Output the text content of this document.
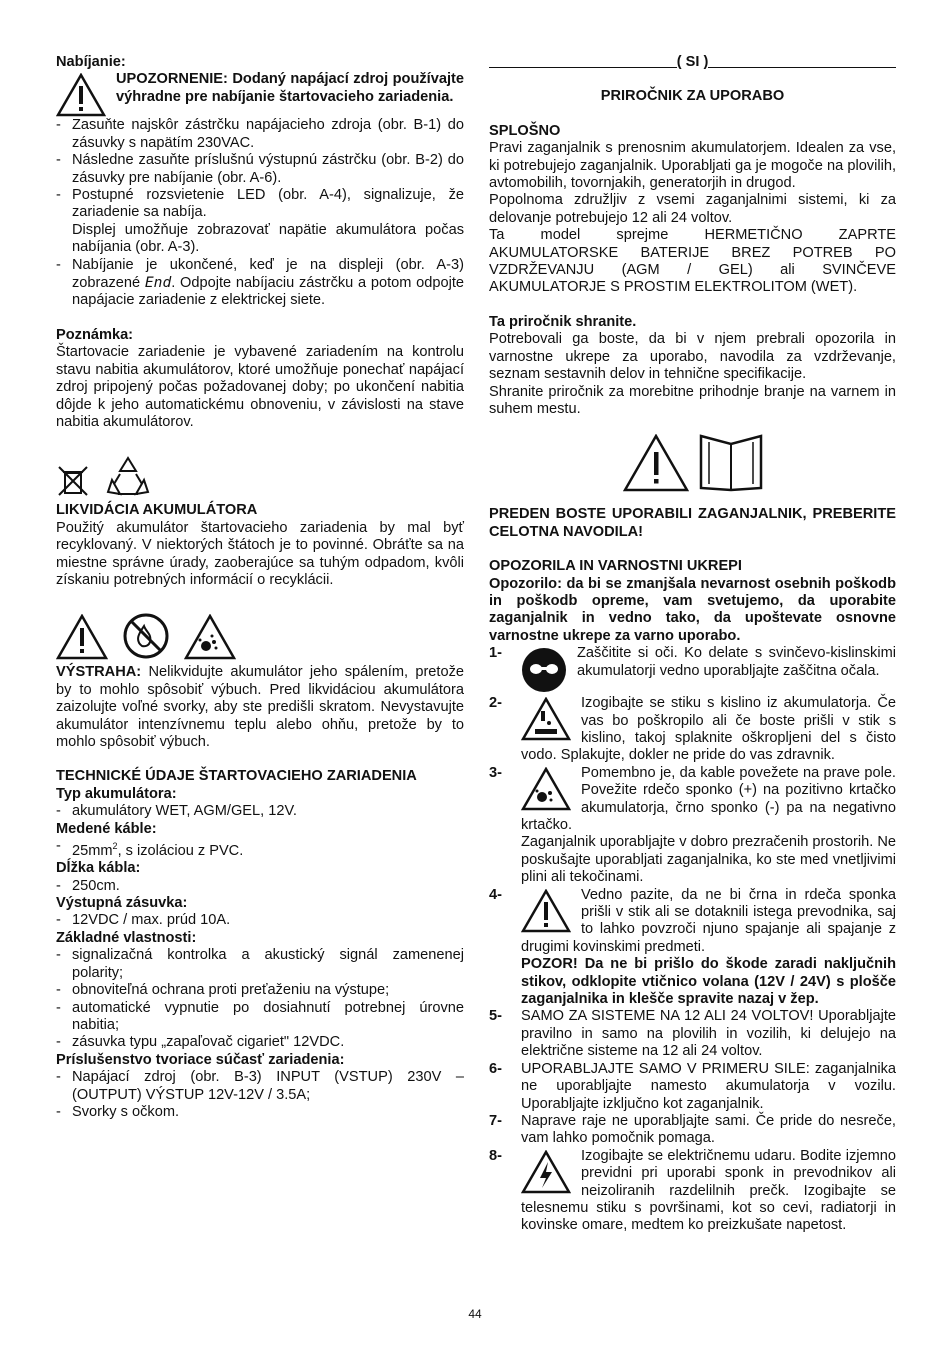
Nabíjanie:

UPOZORNENIE: Dodaný napájací zdroj používajte výhradne pre nabíjanie štartovacieho zariadenia.

- Zasuňte najskôr zástrčku napájacieho zdroja (obr. B-1) do zásuvky s napätím 230VAC.
- Následne zasuňte príslušnú výstupnú zástrčku (obr. B-2) do zásuvky pre nabíjanie (obr. A-6).
- Postupné rozsvietenie LED (obr. A-4), signalizuje, že zariadenie sa nabíja.

Displej umožňuje zobrazovať napätie akumulátora počas nabíjania (obr. A-3).

- Nabíjanie je ukončené, keď je na displeji (obr. A-3) zobrazené End. Odpojte nabíjaciu zástrčku a potom odpojte napájacie zariadenie z elektrickej siete.

Poznámka:

Štartovacie zariadenie je vybavené zariadením na kontrolu stavu nabitia akumulátorov, ktoré umožňuje ponechať napájací zdroj pripojený počas požadovanej doby; po ukončení nabitia dôjde k jeho automatickému obnoveniu, v závislosti na stave nabitia akumulátorov.

LIKVIDÁCIA AKUMULÁTORA

Použitý akumulátor štartovacieho zariadenia by mal byť recyklovaný. V niektorých štátoch je to povinné. Obráťte sa na miestne správne úrady, zaoberajúce sa tuhým odpadom, kvôli získaniu potrebných informácií o recyklácii.

VÝSTRAHA: Nelikvidujte akumulátor jeho spálením, pretože by to mohlo spôsobiť výbuch. Pred likvidáciou akumulátora zaizolujte voľné svorky, aby ste predišli skratom. Nevystavujte akumulátor intenzívnemu teplu alebo ohňu, pretože by to mohlo spôsobiť výbuch.

TECHNICKÉ ÚDAJE ŠTARTOVACIEHO ZARIADENIA

Typ akumulátora:

- akumulátory WET, AGM/GEL, 12V.

Medené káble:

- $25mm^2$, s izoláciou z PVC.

Dĺžka kábla:

- 250cm.

Výstupná zásuvka:

- 12VDC / max. prúd 10A.

Základné vlastnosti:

- signalizačná kontrolka a akustický signál zamenenej polarity;
- obnoviteľná ochrana proti preťaženiu na výstupe;
- automatické vypnutie po dosiahnutí potrebnej úrovne nabitia;
- zásuvka typu „zapaľovač cigariet" 12VDC.

Príslušenstvo tvoriace súčasť zariadenia:

- Napájací zdroj (obr. B-3) INPUT (VSTUP) 230V – (OUTPUT) VÝSTUP 12V-12V / 3.5A;
- Svorky s očkom.
( SI )

PRIROČNIK ZA UPORABO

SPLOŠNO

Pravi zaganjalnik s prenosnim akumulatorjem. Idealen za vse, ki potrebujejo zaganjalnik. Uporabljati ga je mogoče na plovilih, avtomobilih, tovornjakih, generatorjih in drugod.

Popolnoma združljiv z vsemi zaganjalnimi sistemi, ki za delovanje potrebujejo 12 ali 24 voltov.

Ta model sprejme HERMETIČNO ZAPRTE AKUMULATORSKE BATERIJE BREZ POTREB PO VZDRŽEVANJU (AGM / GEL) ali SVINČEVE AKUMULATORJE S PROSTIM ELEKTROLITOM (WET).

Ta priročnik shranite.

Potrebovali ga boste, da bi v njem prebrali opozorila in varnostne ukrepe za uporabo, navodila za vzdrževanje, seznam sestavnih delov in tehnične specifikacije.

Shranite priročnik za morebitne prihodnje branje na varnem in suhem mestu.

PREDEN BOSTE UPORABILI ZAGANJALNIK, PREBERITE CELOTNA NAVODILA!

OPOZORILA IN VARNOSTNI UKREPI

Opozorilo: da bi se zmanjšala nevarnost osebnih poškodb in poškodb opreme, vam svetujemo, da uporabite zaganjalnik in vedno tako, da upoštevate osnovne varnostne ukrepe za varno uporabo.

1-	Zaščitite si oči. Ko delate s svinčevo-kislinskimi akumulatorji vedno uporabljajte zaščitna očala.

2-	Izogibajte se stiku s kislino iz akumulatorja. Če vas bo poškropilo ali če boste prišli v stik s kislino, takoj splaknite oškropljeni del s čisto vodo. Splakujte, dokler ne pride do vas zdravnik.

3-	Pomembno je, da kable povežete na prave pole. Povežite rdečo sponko (+) na pozitivno krtačko akumulatorja, črno sponko (-) pa na negativno krtačko.

Zaganjalnik uporabljajte v dobro prezračenih prostorih. Ne poskušajte uporabljati zaganjalnika, ko ste med vnetljivimi plini ali tekočinami.

4-	Vedno pazite, da ne bi črna in rdeča sponka prišli v stik ali se dotaknili istega prevodnika, saj to lahko povzroči njuno spajanje ali spajanje z drugimi kovinskimi predmeti.

POZOR! Da ne bi prišlo do škode zaradi naključnih stikov, odklopite vtičnico volana (12V / 24V) s plošče zaganjalnika in klešče spravite nazaj v žep.

5-	SAMO ZA SISTEME NA 12 ALI 24 VOLTOV! Uporabljajte pravilno in samo na plovilih in vozilih, ki delujejo na električne sisteme na 12 ali 24 voltov.

6-	UPORABLJAJTE SAMO V PRIMERU SILE: zaganjalnika ne uporabljajte namesto akumulatorja v vozilu. Uporabljajte izključno kot zaganjalnik.

7-	Naprave raje ne uporabljajte sami. Če pride do nesreče, vam lahko pomočnik pomaga.

8-	Izogibajte se električnemu udaru. Bodite izjemno previdni pri uporabi sponk in prevodnikov ali neizoliranih razdelilnih prečk. Izogibajte se telesnemu stiku s površinami, kot so cevi, radiatorji in kovinske omare, medtem ko preizkušate napetost.

44
